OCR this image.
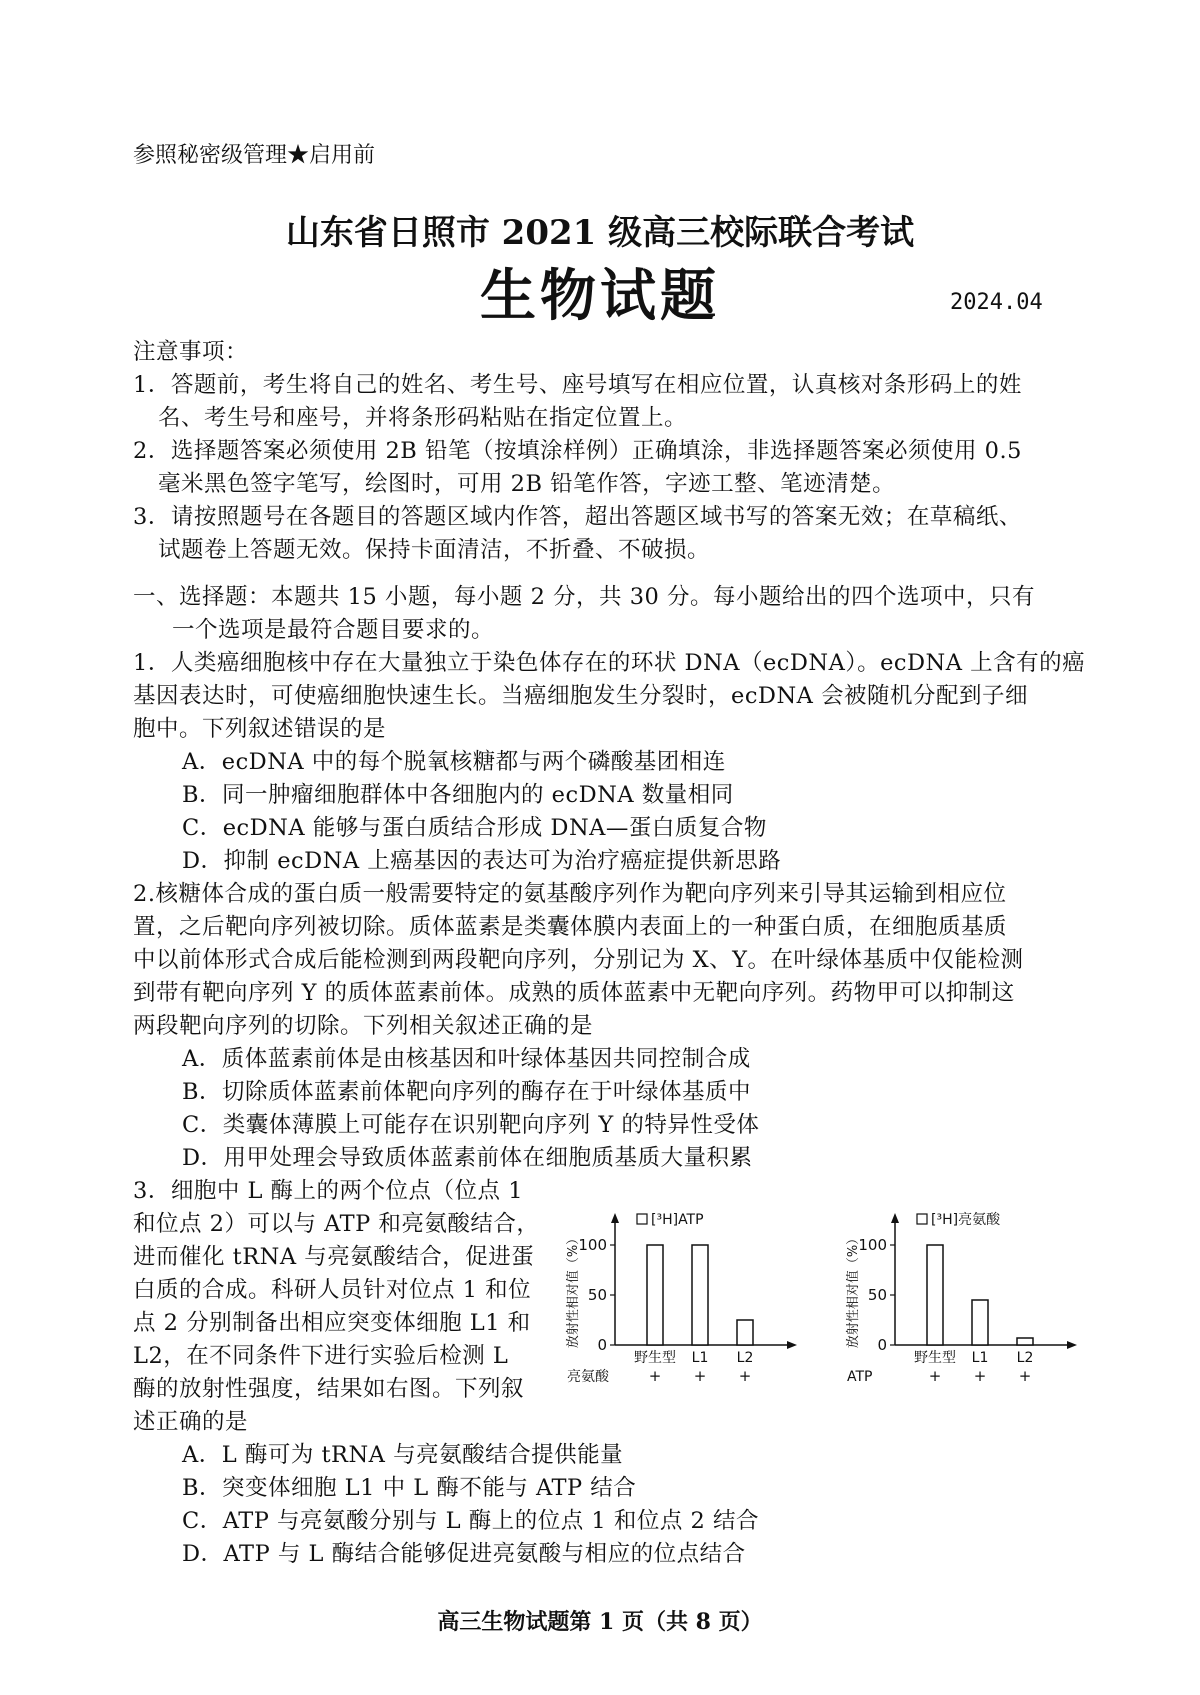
参照秘密级管理★启用前
山东省日照市 2021 级高三校际联合考试
生物试题	2024.04
注意事项：
1．答题前，考生将自己的姓名、考生号、座号填写在相应位置，认真核对条形码上的姓
名、考生号和座号，并将条形码粘贴在指定位置上。
2．选择题答案必须使用 2B 铅笔（按填涂样例）正确填涂，非选择题答案必须使用 0.5
毫米黑色签字笔写，绘图时，可用 2B 铅笔作答，字迹工整、笔迹清楚。
3．请按照题号在各题目的答题区域内作答，超出答题区域书写的答案无效；在草稿纸、
试题卷上答题无效。保持卡面清洁，不折叠、不破损。
一、选择题：本题共 15 小题，每小题 2 分，共 30 分。每小题给出的四个选项中，只有
一个选项是最符合题目要求的。
1．人类癌细胞核中存在大量独立于染色体存在的环状 DNA（ecDNA）。ecDNA 上含有的癌
基因表达时，可使癌细胞快速生长。当癌细胞发生分裂时，ecDNA 会被随机分配到子细
胞中。下列叙述错误的是
A．ecDNA 中的每个脱氧核糖都与两个磷酸基团相连
B．同一肿瘤细胞群体中各细胞内的 ecDNA 数量相同
C．ecDNA 能够与蛋白质结合形成 DNA—蛋白质复合物
D．抑制 ecDNA 上癌基因的表达可为治疗癌症提供新思路
2.核糖体合成的蛋白质一般需要特定的氨基酸序列作为靶向序列来引导其运输到相应位
置，之后靶向序列被切除。质体蓝素是类囊体膜内表面上的一种蛋白质，在细胞质基质
中以前体形式合成后能检测到两段靶向序列，分别记为 X、Y。在叶绿体基质中仅能检测
到带有靶向序列 Y 的质体蓝素前体。成熟的质体蓝素中无靶向序列。药物甲可以抑制这
两段靶向序列的切除。下列相关叙述正确的是
A．质体蓝素前体是由核基因和叶绿体基因共同控制合成
B．切除质体蓝素前体靶向序列的酶存在于叶绿体基质中
C．类囊体薄膜上可能存在识别靶向序列 Y 的特异性受体
D．用甲处理会导致质体蓝素前体在细胞质基质大量积累
3．细胞中 L 酶上的两个位点（位点 1
和位点 2）可以与 ATP 和亮氨酸结合，
进而催化 tRNA 与亮氨酸结合，促进蛋
白质的合成。科研人员针对位点 1 和位
点 2 分别制备出相应突变体细胞 L1 和
L2，在不同条件下进行实验后检测 L
酶的放射性强度，结果如右图。下列叙
述正确的是
A．L 酶可为 tRNA 与亮氨酸结合提供能量
B．突变体细胞 L1 中 L 酶不能与 ATP 结合
C．ATP 与亮氨酸分别与 L 酶上的位点 1 和位点 2 结合
D．ATP 与 L 酶结合能够促进亮氨酸与相应的位点结合
0
50
100
放射性相对值（%）
[³H]ATP
野生型
+
L1
+
L2
+
亮氨酸
0
50
100
放射性相对值（%）
[³H]亮氨酸
野生型
+
L1
+
L2
+
ATP
高三生物试题第 1 页（共 8 页）
